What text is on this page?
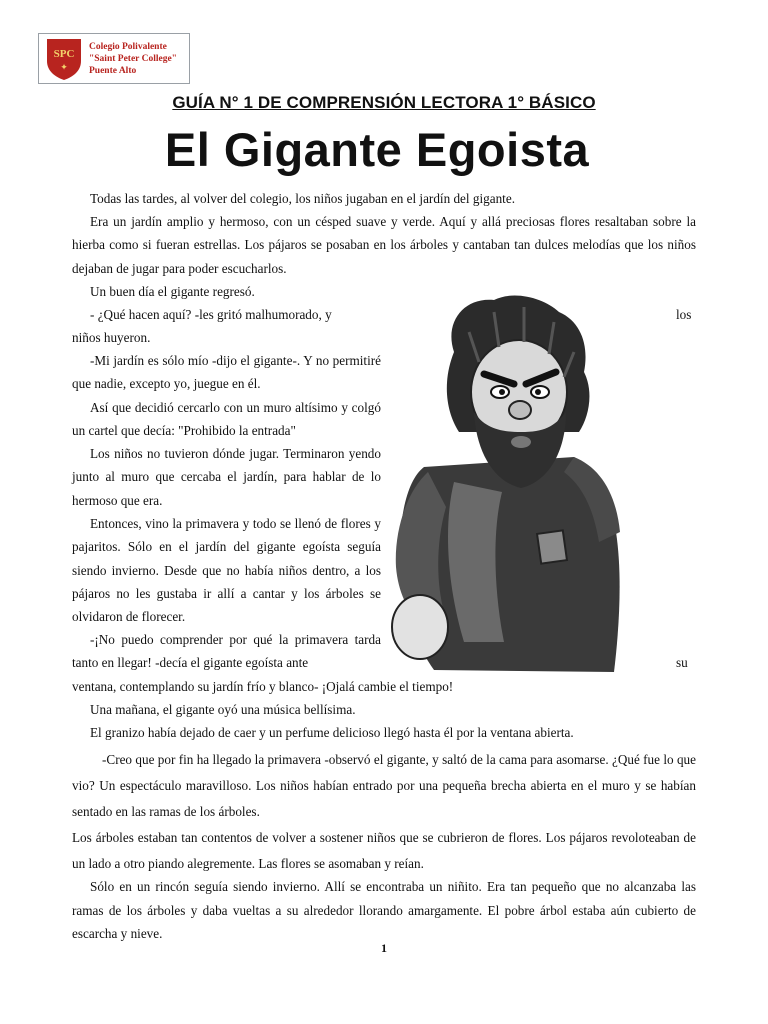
SPC
✦
Colegio Polivalente
"Saint Peter College"
Puente Alto
GUÍA N° 1 DE COMPRENSIÓN LECTORA 1° BÁSICO
El Gigante Egoista

Todas las tardes, al volver del colegio, los niños jugaban en el jardín del gigante.

Era un jardín amplio y hermoso, con un césped suave y verde. Aquí y allá preciosas flores resaltaban sobre la hierba como si fueran estrellas. Los pájaros se posaban en los árboles y cantaban tan dulces melodías que los niños dejaban de jugar para poder escucharlos.

Un buen día el gigante regresó.

- ¿Qué hacen aquí? -les gritó malhumorado, y	los

niños huyeron.

-Mi jardín es sólo mío -dijo el gigante-. Y no permitiré que nadie, excepto yo, juegue en él.

Así que decidió cercarlo con un muro altísimo y colgó un cartel que decía: "Prohibido la entrada"

Los niños no tuvieron dónde jugar. Terminaron yendo junto al muro que cercaba el jardín, para hablar de lo hermoso que era.

Entonces, vino la primavera y todo se llenó de flores y pajaritos. Sólo en el jardín del gigante egoísta seguía siendo invierno. Desde que no había niños dentro, a los pájaros no les gustaba ir allí a cantar y los árboles se olvidaron de florecer.

-¡No puedo comprender por qué la primavera tarda tanto en llegar! -decía el gigante egoísta ante	su

ventana, contemplando su jardín frío y blanco- ¡Ojalá cambie el tiempo!

Una mañana, el gigante oyó una música bellísima.

El granizo había dejado de caer y un perfume delicioso llegó hasta él por la ventana abierta.

-Creo que por fin ha llegado la primavera -observó el gigante, y saltó de la cama para asomarse. ¿Qué fue lo que vio? Un espectáculo maravilloso. Los niños habían entrado por una pequeña brecha abierta en el muro y se habían sentado en las ramas de los árboles.

Los árboles estaban tan contentos de volver a sostener niños que se cubrieron de flores. Los pájaros revoloteaban de un lado a otro piando alegremente. Las flores se asomaban y reían.

Sólo en un rincón seguía siendo invierno. Allí se encontraba un niñito. Era tan pequeño que no alcanzaba las ramas de los árboles y daba vueltas a su alrededor llorando amargamente. El pobre árbol estaba aún cubierto de escarcha y nieve.

1
